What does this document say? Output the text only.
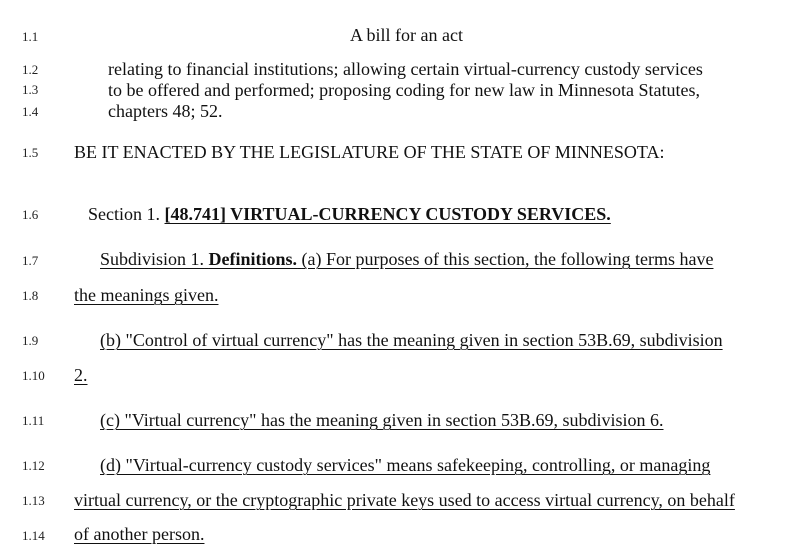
1.1
1.2
1.3
1.4
1.5
1.6
1.7
1.8
1.9
1.10
1.11
1.12
1.13
1.14
A bill for an act
relating to financial institutions; allowing certain virtual-currency custody services
to be offered and performed; proposing coding for new law in Minnesota Statutes,
chapters 48; 52.
BE IT ENACTED BY THE LEGISLATURE OF THE STATE OF MINNESOTA:
Section 1. [48.741] VIRTUAL-CURRENCY CUSTODY SERVICES.
Subdivision 1. Definitions. (a) For purposes of this section, the following terms have
the meanings given.
(b) "Control of virtual currency" has the meaning given in section 53B.69, subdivision
2.
(c) "Virtual currency" has the meaning given in section 53B.69, subdivision 6.
(d) "Virtual-currency custody services" means safekeeping, controlling, or managing
virtual currency, or the cryptographic private keys used to access virtual currency, on behalf
of another person.
